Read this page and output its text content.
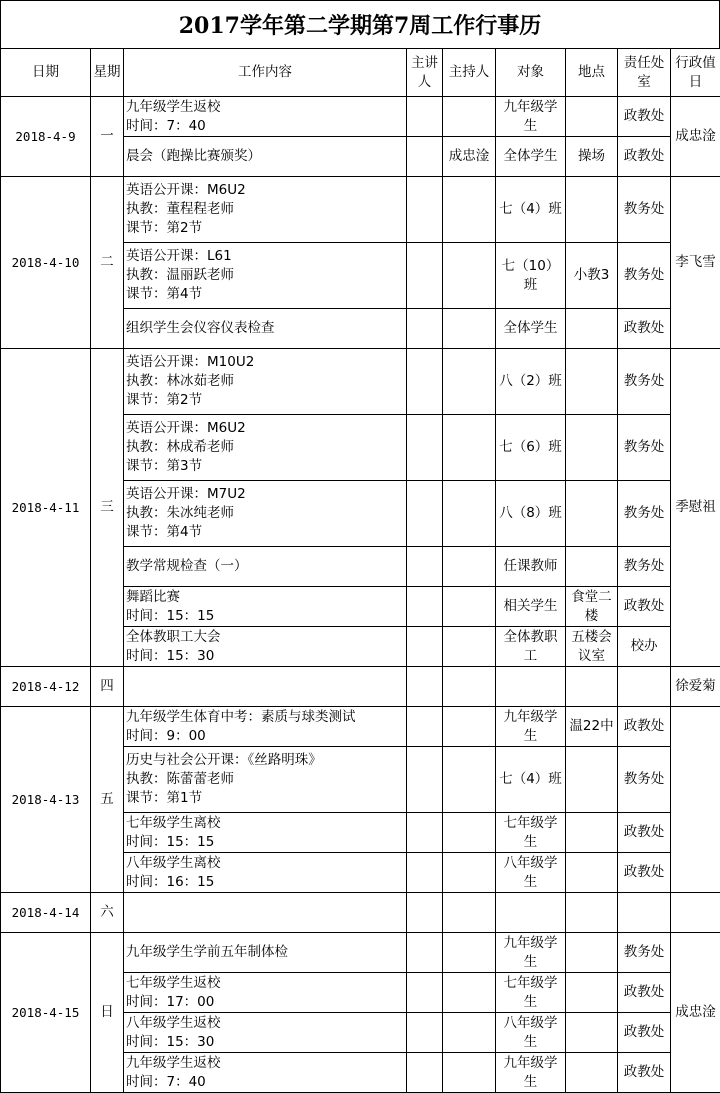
2017学年第二学期第7周工作行事历
日期	星期	工作内容	主讲人	主持人	对象	地点	责任处室	行政值日
2018-4-9	一	九年级学生返校
时间：7：40			九年级学生		政教处	成忠淦

		晨会（跑操比赛颁奖）		成忠淦	全体学生	操场	政教处	
2018-4-10	二	英语公开课：M6U2
执教：董程程老师
课节：第2节			七（4）班		教务处	李飞雪

		英语公开课：L61
执教：温丽跃老师
课节：第4节			七（10）班	小教3	教务处	

		组织学生会仪容仪表检查			全体学生		政教处	
2018-4-11	三	英语公开课：M10U2
执教：林冰茹老师
课节：第2节			八（2）班		教务处	季慰祖

		英语公开课：M6U2
执教：林成希老师
课节：第3节			七（6）班		教务处	

		英语公开课：M7U2
执教：朱冰纯老师
课节：第4节			八（8）班		教务处	

		教学常规检查（一）			任课教师		教务处	

		舞蹈比赛
时间：15：15			相关学生	食堂二楼	政教处	

		全体教职工大会
时间：15：30			全体教职工	五楼会议室	校办	
2018-4-12	四							徐爱菊
2018-4-13	五	九年级学生体育中考：素质与球类测试
时间：9：00			九年级学生	温22中	政教处	

		历史与社会公开课：《丝路明珠》
执教：陈蕾蕾老师
课节：第1节			七（4）班		教务处	

		七年级学生离校
时间：15：15			七年级学生		政教处	

		八年级学生离校
时间：16：15			八年级学生		政教处	
2018-4-14	六	

2018-4-15	日	九年级学生学前五年制体检			九年级学生		教务处	成忠淦

		七年级学生返校
时间：17：00			七年级学生		政教处	

		八年级学生返校
时间：15：30			八年级学生		政教处	

		九年级学生返校
时间：7：40			九年级学生		政教处	
